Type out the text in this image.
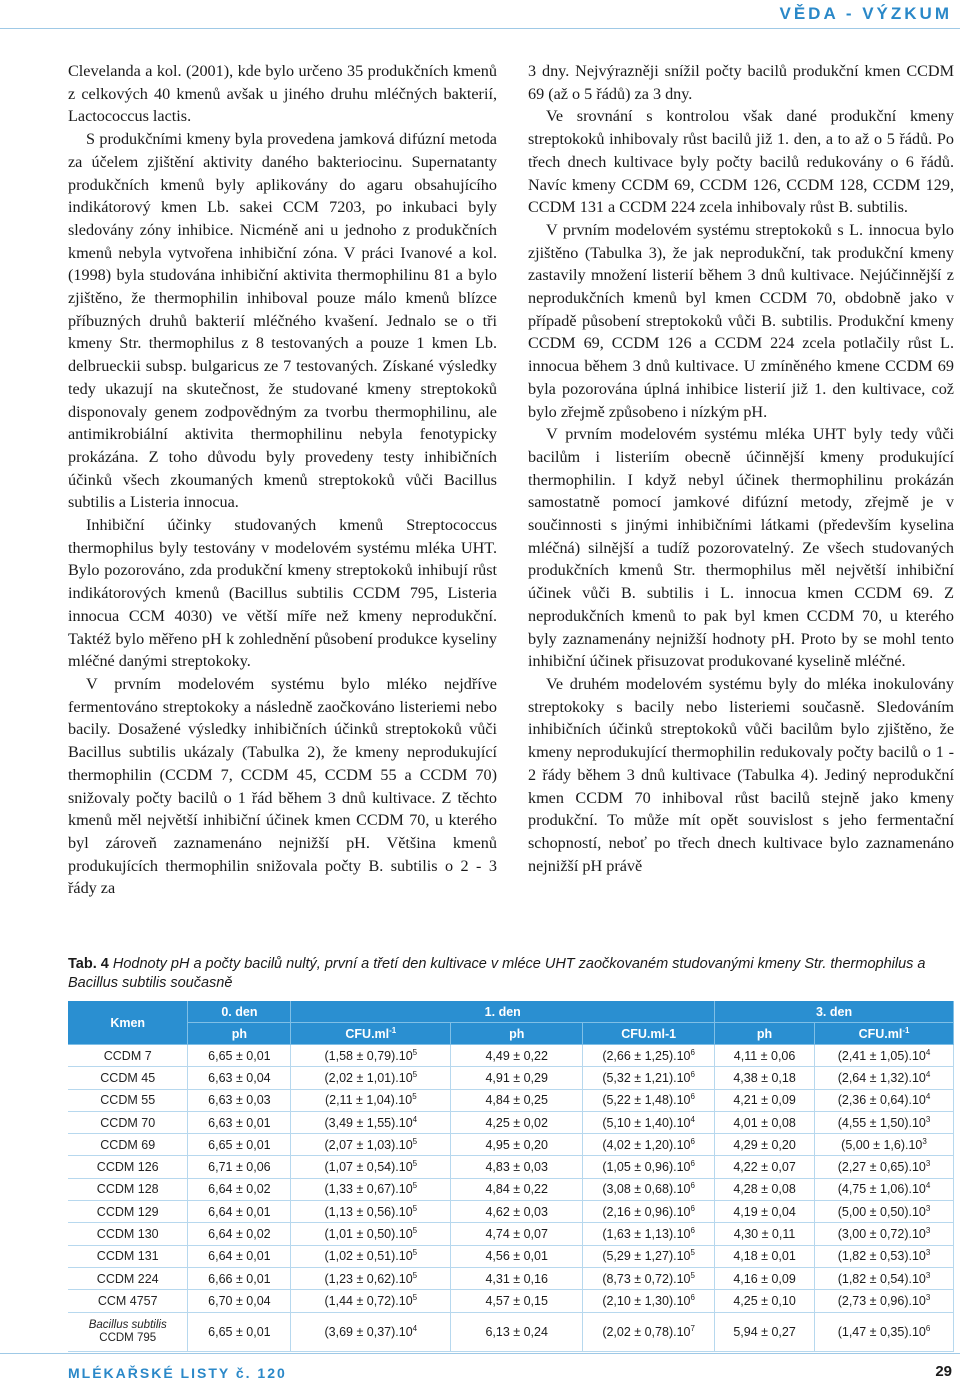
VĚDA - VÝZKUM

Clevelanda a kol. (2001), kde bylo určeno 35 produkčních kmenů z celkových 40 kmenů avšak u jiného druhu mléčných bakterií, Lactococcus lactis.

S produkčními kmeny byla provedena jamková difúzní metoda za účelem zjištění aktivity daného bakteriocinu. Supernatanty produkčních kmenů byly aplikovány do agaru obsahujícího indikátorový kmen Lb. sakei CCM 7203, po inkubaci byly sledovány zóny inhibice. Nicméně ani u jednoho z produkčních kmenů nebyla vytvořena inhibiční zóna. V práci Ivanové a kol. (1998) byla studována inhibiční aktivita thermophilinu 81 a bylo zjištěno, že thermophilin inhiboval pouze málo kmenů blízce příbuzných druhů bakterií mléčného kvašení. Jednalo se o tři kmeny Str. thermophilus z 8 testovaných a pouze 1 kmen Lb. delbrueckii subsp. bulgaricus ze 7 testovaných. Získané výsledky tedy ukazují na skutečnost, že studované kmeny streptokoků disponovaly genem zodpovědným za tvorbu thermophilinu, ale antimikrobiální aktivita thermophilinu nebyla fenotypicky prokázána. Z toho důvodu byly provedeny testy inhibičních účinků všech zkoumaných kmenů streptokoků vůči Bacillus subtilis a Listeria innocua.

Inhibiční účinky studovaných kmenů Streptococcus thermophilus byly testovány v modelovém systému mléka UHT. Bylo pozorováno, zda produkční kmeny streptokoků inhibují růst indikátorových kmenů (Bacillus subtilis CCDM 795, Listeria innocua CCM 4030) ve větší míře než kmeny neprodukční. Taktéž bylo měřeno pH k zohlednění působení produkce kyseliny mléčné danými streptokoky.

V prvním modelovém systému bylo mléko nejdříve fermentováno streptokoky a následně zaočkováno listeriemi nebo bacily. Dosažené výsledky inhibičních účinků streptokoků vůči Bacillus subtilis ukázaly (Tabulka 2), že kmeny neprodukující thermophilin (CCDM 7, CCDM 45, CCDM 55 a CCDM 70) snižovaly počty bacilů o 1 řád během 3 dnů kultivace. Z těchto kmenů měl největší inhibiční účinek kmen CCDM 70, u kterého byl zároveň zaznamenáno nejnižší pH. Většina kmenů produkujících thermophilin snižovala počty B. subtilis o 2 - 3 řády za

3 dny. Nejvýrazněji snížil počty bacilů produkční kmen CCDM 69 (až o 5 řádů) za 3 dny.

Ve srovnání s kontrolou však dané produkční kmeny streptokoků inhibovaly růst bacilů již 1. den, a to až o 5 řádů. Po třech dnech kultivace byly počty bacilů redukovány o 6 řádů. Navíc kmeny CCDM 69, CCDM 126, CCDM 128, CCDM 129, CCDM 131 a CCDM 224 zcela inhibovaly růst B. subtilis.

V prvním modelovém systému streptokoků s L. innocua bylo zjištěno (Tabulka 3), že jak neprodukční, tak produkční kmeny zastavily množení listerií během 3 dnů kultivace. Nejúčinnější z neprodukčních kmenů byl kmen CCDM 70, obdobně jako v případě působení streptokoků vůči B. subtilis. Produkční kmeny CCDM 69, CCDM 126 a CCDM 224 zcela potlačily růst L. innocua během 3 dnů kultivace. U zmíněného kmene CCDM 69 byla pozorována úplná inhibice listerií již 1. den kultivace, což bylo zřejmě způsobeno i nízkým pH.

V prvním modelovém systému mléka UHT byly tedy vůči bacilům i listeriím obecně účinnější kmeny produkující thermophilin. I když nebyl účinek thermophilinu prokázán samostatně pomocí jamkové difúzní metody, zřejmě je v součinnosti s jinými inhibičními látkami (především kyselina mléčná) silnější a tudíž pozorovatelný. Ze všech studovaných produkčních kmenů Str. thermophilus měl největší inhibiční účinek vůči B. subtilis i L. innocua kmen CCDM 69. Z neprodukčních kmenů to pak byl kmen CCDM 70, u kterého byly zaznamenány nejnižší hodnoty pH. Proto by se mohl tento inhibiční účinek přisuzovat produkované kyselině mléčné.

Ve druhém modelovém systému byly do mléka inokulovány streptokoky s bacily nebo listeriemi současně. Sledováním inhibičních účinků streptokoků vůči bacilům bylo zjištěno, že kmeny neprodukující thermophilin redukovaly počty bacilů o 1 - 2 řády během 3 dnů kultivace (Tabulka 4). Jediný neprodukční kmen CCDM 70 inhiboval růst bacilů stejně jako kmeny produkční. To může mít opět souvislost s jeho fermentační schopností, neboť po třech dnech kultivace bylo zaznamenáno nejnižší pH právě

Tab. 4 Hodnoty pH a počty bacilů nultý, první a třetí den kultivace v mléce UHT zaočkovaném studovanými kmeny Str. thermophilus a Bacillus subtilis současně
Kmen	0. den	1. den			3. den	
	ph	$CFU.ml^{-1}$	ph	CFU.ml-1	ph	$CFU.ml^{-1}$
CCDM 7	6,65 ± 0,01	$(1,58 \pm 0,79).10^5$	4,49 ± 0,22	$(2,66 \pm 1,25).10^6$	4,11 ± 0,06	$(2,41 \pm 1,05).10^4$
CCDM 45	6,63 ± 0,04	$(2,02 \pm 1,01).10^5$	4,91 ± 0,29	$(5,32 \pm 1,21).10^6$	4,38 ± 0,18	$(2,64 \pm 1,32).10^4$
CCDM 55	6,63 ± 0,03	$(2,11 \pm 1,04).10^5$	4,84 ± 0,25	$(5,22 \pm 1,48).10^6$	4,21 ± 0,09	$(2,36 \pm 0,64).10^4$
CCDM 70	6,63 ± 0,01	$(3,49 \pm 1,55).10^4$	4,25 ± 0,02	$(5,10 \pm 1,40).10^4$	4,01 ± 0,08	$(4,55 \pm 1,50).10^3$
CCDM 69	6,65 ± 0,01	$(2,07 \pm 1,03).10^5$	4,95 ± 0,20	$(4,02 \pm 1,20).10^6$	4,29 ± 0,20	$(5,00 \pm 1,6).10^3$
CCDM 126	6,71 ± 0,06	$(1,07 \pm 0,54).10^5$	4,83 ± 0,03	$(1,05 \pm 0,96).10^6$	4,22 ± 0,07	$(2,27 \pm 0,65).10^3$
CCDM 128	6,64 ± 0,02	$(1,33 \pm 0,67).10^5$	4,84 ± 0,22	$(3,08 \pm 0,68).10^6$	4,28 ± 0,08	$(4,75 \pm 1,06).10^4$
CCDM 129	6,64 ± 0,01	$(1,13 \pm 0,56).10^5$	4,62 ± 0,03	$(2,16 \pm 0,96).10^6$	4,19 ± 0,04	$(5,00 \pm 0,50).10^3$
CCDM 130	6,64 ± 0,02	$(1,01 \pm 0,50).10^5$	4,74 ± 0,07	$(1,63 \pm 1,13).10^6$	4,30 ± 0,11	$(3,00 \pm 0,72).10^3$
CCDM 131	6,64 ± 0,01	$(1,02 \pm 0,51).10^5$	4,56 ± 0,01	$(5,29 \pm 1,27).10^5$	4,18 ± 0,01	$(1,82 \pm 0,53).10^3$
CCDM 224	6,66 ± 0,01	$(1,23 \pm 0,62).10^5$	4,31 ± 0,16	$(8,73 \pm 0,72).10^5$	4,16 ± 0,09	$(1,82 \pm 0,54).10^3$
CCM 4757	6,70 ± 0,04	$(1,44 \pm 0,72).10^5$	4,57 ± 0,15	$(2,10 \pm 1,30).10^6$	4,25 ± 0,10	$(2,73 \pm 0,96).10^3$
Bacillus subtilis
CCDM 795	6,65 ± 0,01	$(3,69 \pm 0,37).10^4$	6,13 ± 0,24	$(2,02 \pm 0,78).10^7$	5,94 ± 0,27	$(1,47 \pm 0,35).10^6$
MLÉKAŘSKÉ LISTY č. 120	29
